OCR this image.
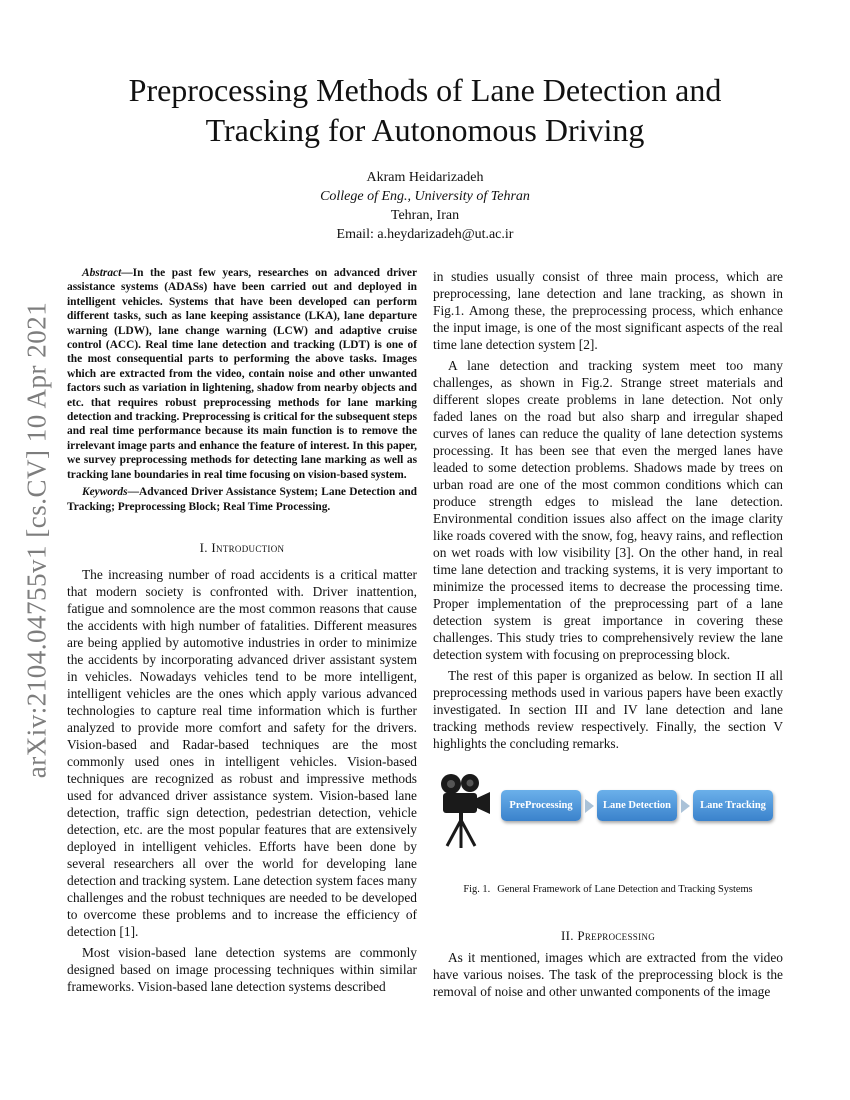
arXiv:2104.04755v1 [cs.CV] 10 Apr 2021
Preprocessing Methods of Lane Detection and
Tracking for Autonomous Driving
Akram Heidarizadeh
College of Eng., University of Tehran
Tehran, Iran
Email: a.heydarizadeh@ut.ac.ir

Abstract—In the past few years, researches on advanced driver assistance systems (ADASs) have been carried out and deployed in intelligent vehicles. Systems that have been developed can perform different tasks, such as lane keeping assistance (LKA), lane departure warning (LDW), lane change warning (LCW) and adaptive cruise control (ACC). Real time lane detection and tracking (LDT) is one of the most consequential parts to performing the above tasks. Images which are extracted from the video, contain noise and other unwanted factors such as variation in lightening, shadow from nearby objects and etc. that requires robust preprocessing methods for lane marking detection and tracking. Preprocessing is critical for the subsequent steps and real time performance because its main function is to remove the irrelevant image parts and enhance the feature of interest. In this paper, we survey preprocessing methods for detecting lane marking as well as tracking lane boundaries in real time focusing on vision-based system.

Keywords—Advanced Driver Assistance System; Lane Detection and Tracking; Preprocessing Block; Real Time Processing.

I. Introduction

The increasing number of road accidents is a critical matter that modern society is confronted with. Driver inattention, fatigue and somnolence are the most common reasons that cause the accidents with high number of fatalities. Different measures are being applied by automotive industries in order to minimize the accidents by incorporating advanced driver assistant system in vehicles. Nowadays vehicles tend to be more intelligent, intelligent vehicles are the ones which apply various advanced technologies to capture real time information which is further analyzed to provide more comfort and safety for the drivers. Vision-based and Radar-based techniques are the most commonly used ones in intelligent vehicles. Vision-based techniques are recognized as robust and impressive methods used for advanced driver assistance system. Vision-based lane detection, traffic sign detection, pedestrian detection, vehicle detection, etc. are the most popular features that are extensively deployed in intelligent vehicles. Efforts have been done by several researchers all over the world for developing lane detection and tracking system. Lane detection system faces many challenges and the robust techniques are needed to be developed to overcome these problems and to increase the efficiency of detection [1].

Most vision-based lane detection systems are commonly designed based on image processing techniques within similar frameworks. Vision-based lane detection systems described

PreProcessing	Lane Detection	Lane Tracking

in studies usually consist of three main process, which are preprocessing, lane detection and lane tracking, as shown in Fig.1. Among these, the preprocessing process, which enhance the input image, is one of the most significant aspects of the real time lane detection system [2].

A lane detection and tracking system meet too many challenges, as shown in Fig.2. Strange street materials and different slopes create problems in lane detection. Not only faded lanes on the road but also sharp and irregular shaped curves of lanes can reduce the quality of lane detection systems processing. It has been see that even the merged lanes have leaded to some detection problems. Shadows made by trees on urban road are one of the most common conditions which can produce strength edges to mislead the lane detection. Environmental condition issues also affect on the image clarity like roads covered with the snow, fog, heavy rains, and reflection on wet roads with low visibility [3]. On the other hand, in real time lane detection and tracking systems, it is very important to minimize the processed items to decrease the processing time. Proper implementation of the preprocessing part of a lane detection system is great importance in covering these challenges. This study tries to comprehensively review the lane detection system with focusing on preprocessing block.

The rest of this paper is organized as below. In section II all preprocessing methods used in various papers have been exactly investigated. In section III and IV lane detection and lane tracking methods review respectively. Finally, the section V highlights the concluding remarks.

Fig. 1. General Framework of Lane Detection and Tracking Systems
II. Preprocessing

As it mentioned, images which are extracted from the video have various noises. The task of the preprocessing block is the removal of noise and other unwanted components of the image
